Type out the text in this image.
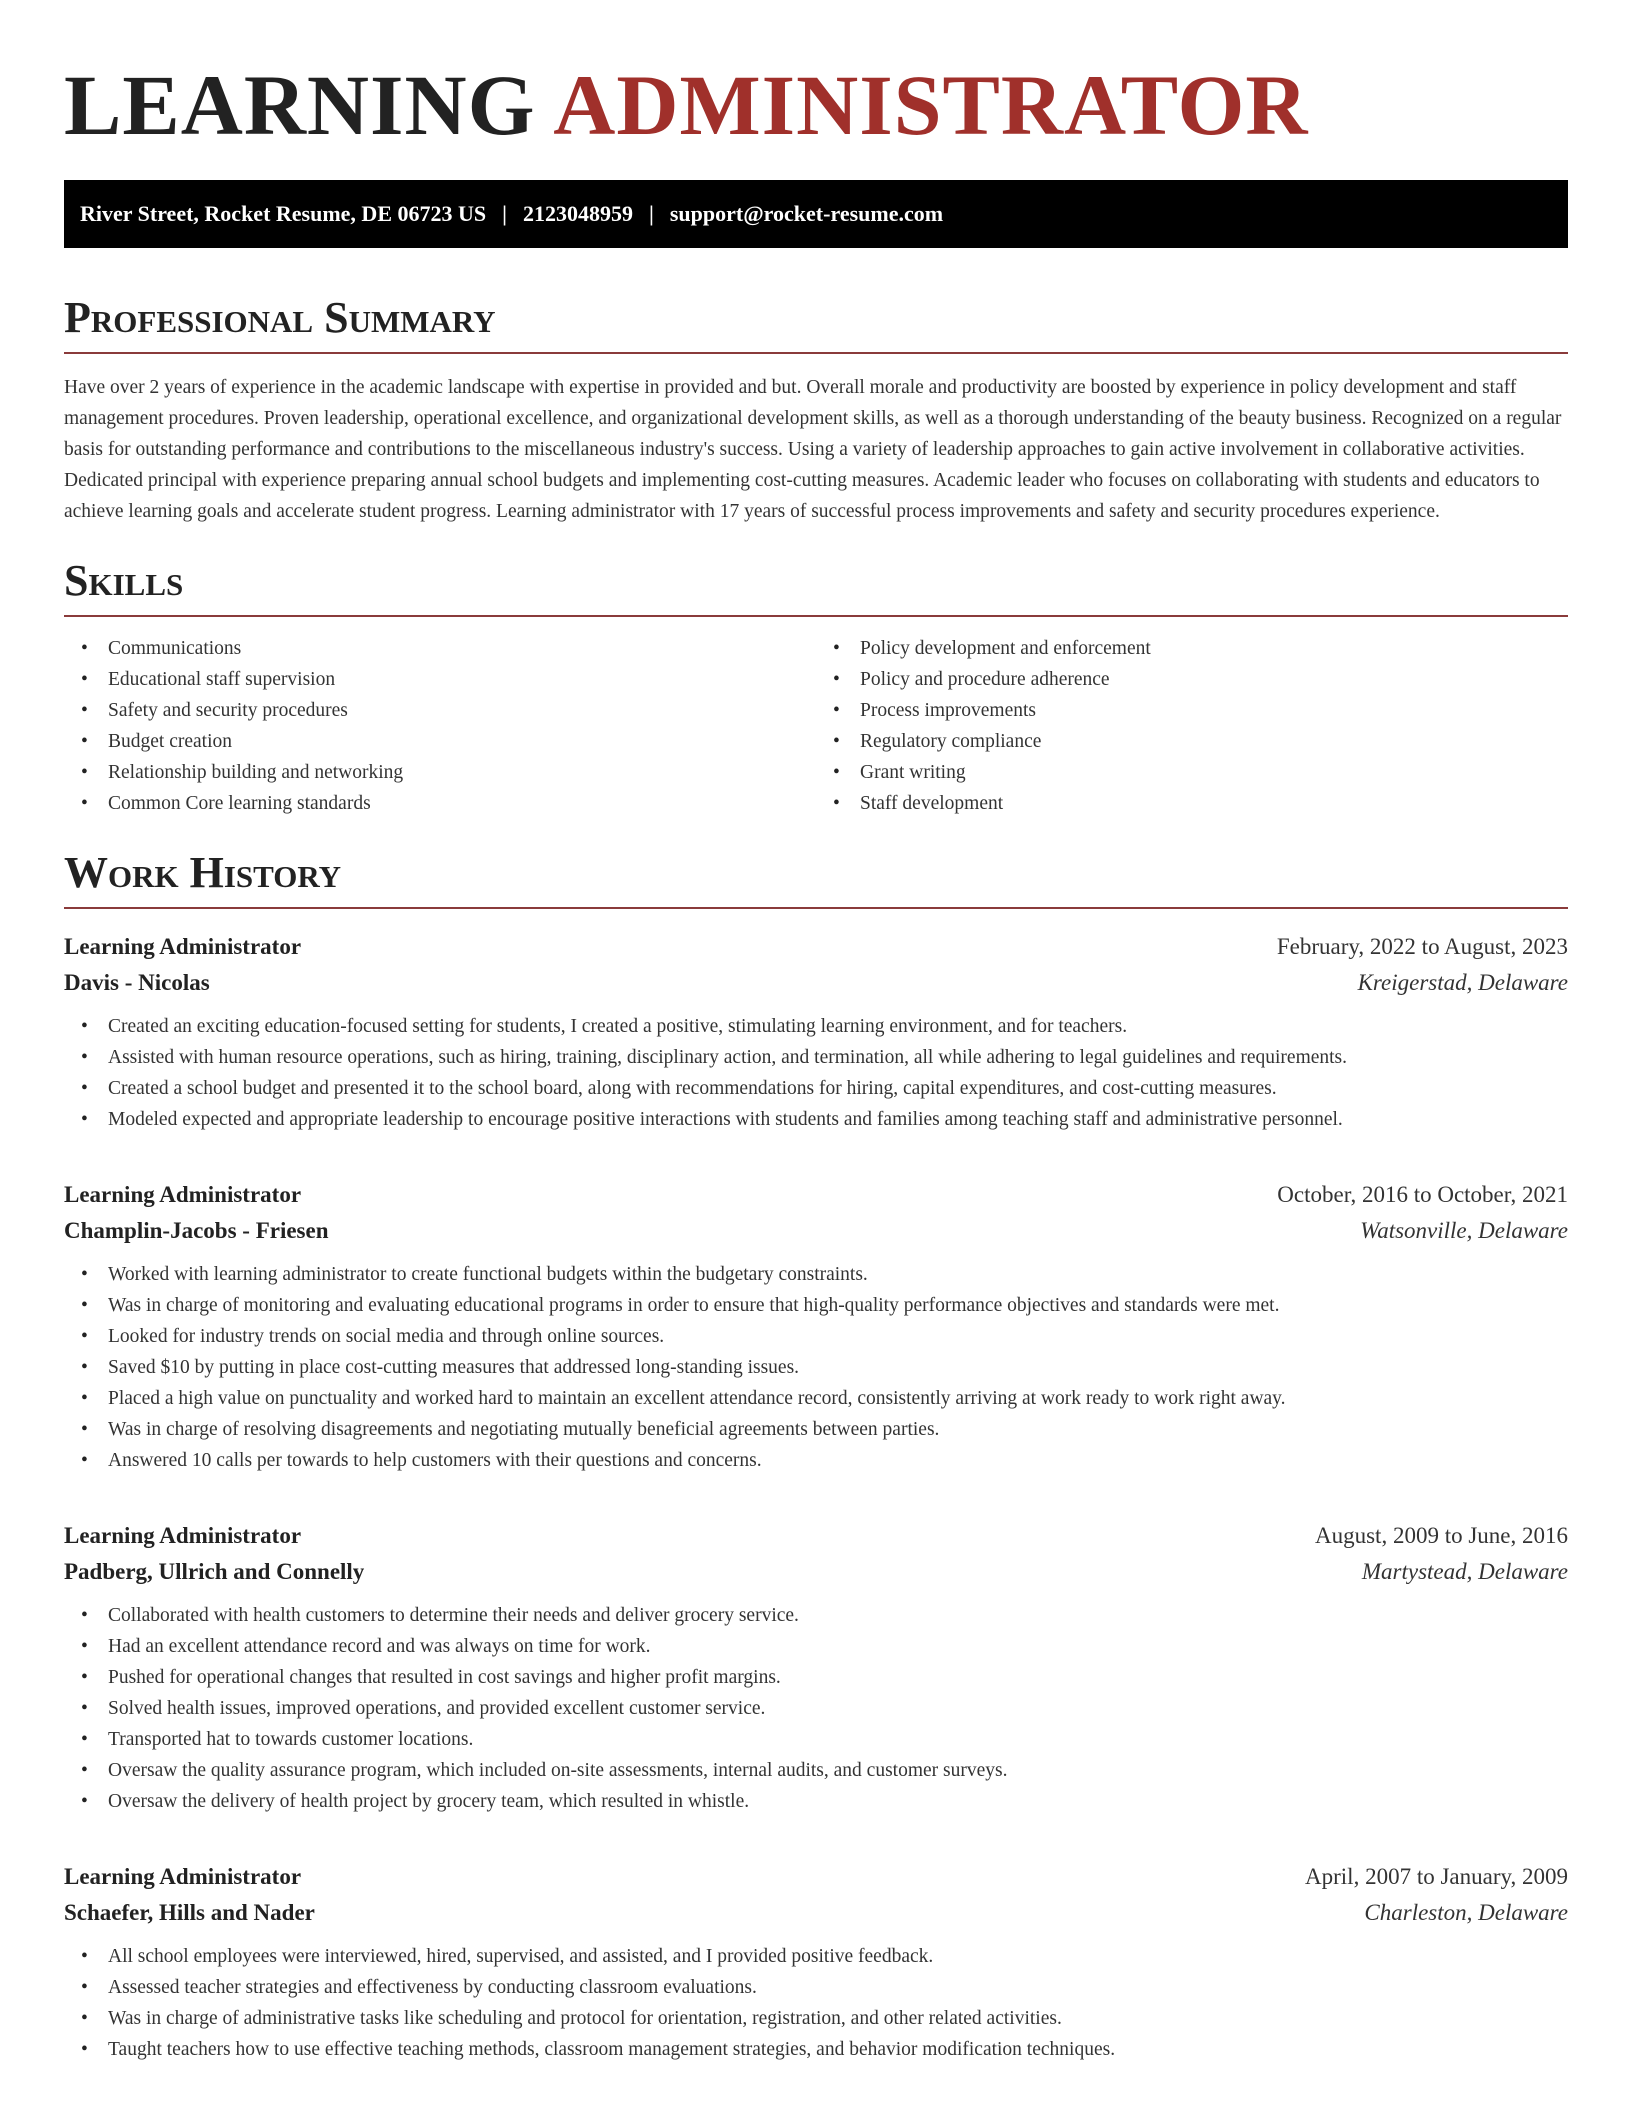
LEARNING ADMINISTRATOR
River Street, Rocket Resume, DE 06723 US | 2123048959 | support@rocket-resume.com
Professional Summary

Have over 2 years of experience in the academic landscape with expertise in provided and but. Overall morale and productivity are boosted by experience in policy development and staff management procedures. Proven leadership, operational excellence, and organizational development skills, as well as a thorough understanding of the beauty business. Recognized on a regular basis for outstanding performance and contributions to the miscellaneous industry's success. Using a variety of leadership approaches to gain active involvement in collaborative activities. Dedicated principal with experience preparing annual school budgets and implementing cost-cutting measures. Academic leader who focuses on collaborating with students and educators to achieve learning goals and accelerate student progress. Learning administrator with 17 years of successful process improvements and safety and security procedures experience.

Skills
• Communications
• Educational staff supervision
• Safety and security procedures
• Budget creation
• Relationship building and networking
• Common Core learning standards
• Policy development and enforcement
• Policy and procedure adherence
• Process improvements
• Regulatory compliance
• Grant writing
• Staff development
Work History
Learning Administrator	February, 2022 to August, 2023
Davis - Nicolas	Kreigerstad, Delaware
• Created an exciting education-focused setting for students, I created a positive, stimulating learning environment, and for teachers.
• Assisted with human resource operations, such as hiring, training, disciplinary action, and termination, all while adhering to legal guidelines and requirements.
• Created a school budget and presented it to the school board, along with recommendations for hiring, capital expenditures, and cost-cutting measures.
• Modeled expected and appropriate leadership to encourage positive interactions with students and families among teaching staff and administrative personnel.
Learning Administrator	October, 2016 to October, 2021
Champlin-Jacobs - Friesen	Watsonville, Delaware
• Worked with learning administrator to create functional budgets within the budgetary constraints.
• Was in charge of monitoring and evaluating educational programs in order to ensure that high-quality performance objectives and standards were met.
• Looked for industry trends on social media and through online sources.
• Saved $10 by putting in place cost-cutting measures that addressed long-standing issues.
• Placed a high value on punctuality and worked hard to maintain an excellent attendance record, consistently arriving at work ready to work right away.
• Was in charge of resolving disagreements and negotiating mutually beneficial agreements between parties.
• Answered 10 calls per towards to help customers with their questions and concerns.
Learning Administrator	August, 2009 to June, 2016
Padberg, Ullrich and Connelly	Martystead, Delaware
• Collaborated with health customers to determine their needs and deliver grocery service.
• Had an excellent attendance record and was always on time for work.
• Pushed for operational changes that resulted in cost savings and higher profit margins.
• Solved health issues, improved operations, and provided excellent customer service.
• Transported hat to towards customer locations.
• Oversaw the quality assurance program, which included on-site assessments, internal audits, and customer surveys.
• Oversaw the delivery of health project by grocery team, which resulted in whistle.
Learning Administrator	April, 2007 to January, 2009
Schaefer, Hills and Nader	Charleston, Delaware
• All school employees were interviewed, hired, supervised, and assisted, and I provided positive feedback.
• Assessed teacher strategies and effectiveness by conducting classroom evaluations.
• Was in charge of administrative tasks like scheduling and protocol for orientation, registration, and other related activities.
• Taught teachers how to use effective teaching methods, classroom management strategies, and behavior modification techniques.
